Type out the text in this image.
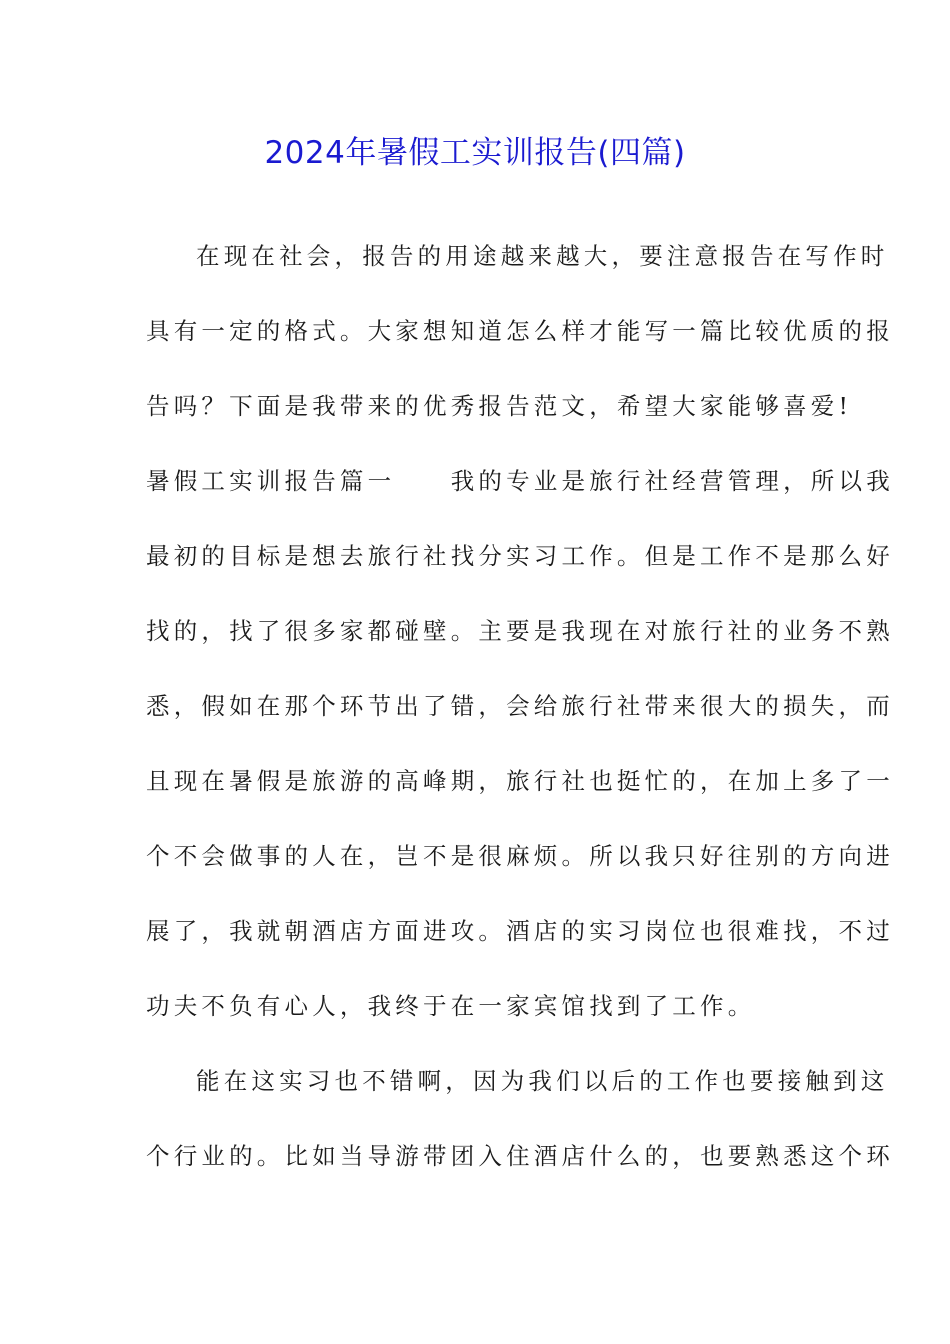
2024年暑假工实训报告(四篇)
在现在社会，报告的用途越来越大，要注意报告在写作时
具有一定的格式。大家想知道怎么样才能写一篇比较优质的报
告吗？下面是我带来的优秀报告范文，希望大家能够喜爱!
暑假工实训报告篇一　　我的专业是旅行社经营管理，所以我
最初的目标是想去旅行社找分实习工作。但是工作不是那么好
找的，找了很多家都碰壁。主要是我现在对旅行社的业务不熟
悉，假如在那个环节出了错，会给旅行社带来很大的损失，而
且现在暑假是旅游的高峰期，旅行社也挺忙的，在加上多了一
个不会做事的人在，岂不是很麻烦。所以我只好往别的方向进
展了，我就朝酒店方面进攻。酒店的实习岗位也很难找，不过
功夫不负有心人，我终于在一家宾馆找到了工作。
能在这实习也不错啊，因为我们以后的工作也要接触到这
个行业的。比如当导游带团入住酒店什么的，也要熟悉这个环
